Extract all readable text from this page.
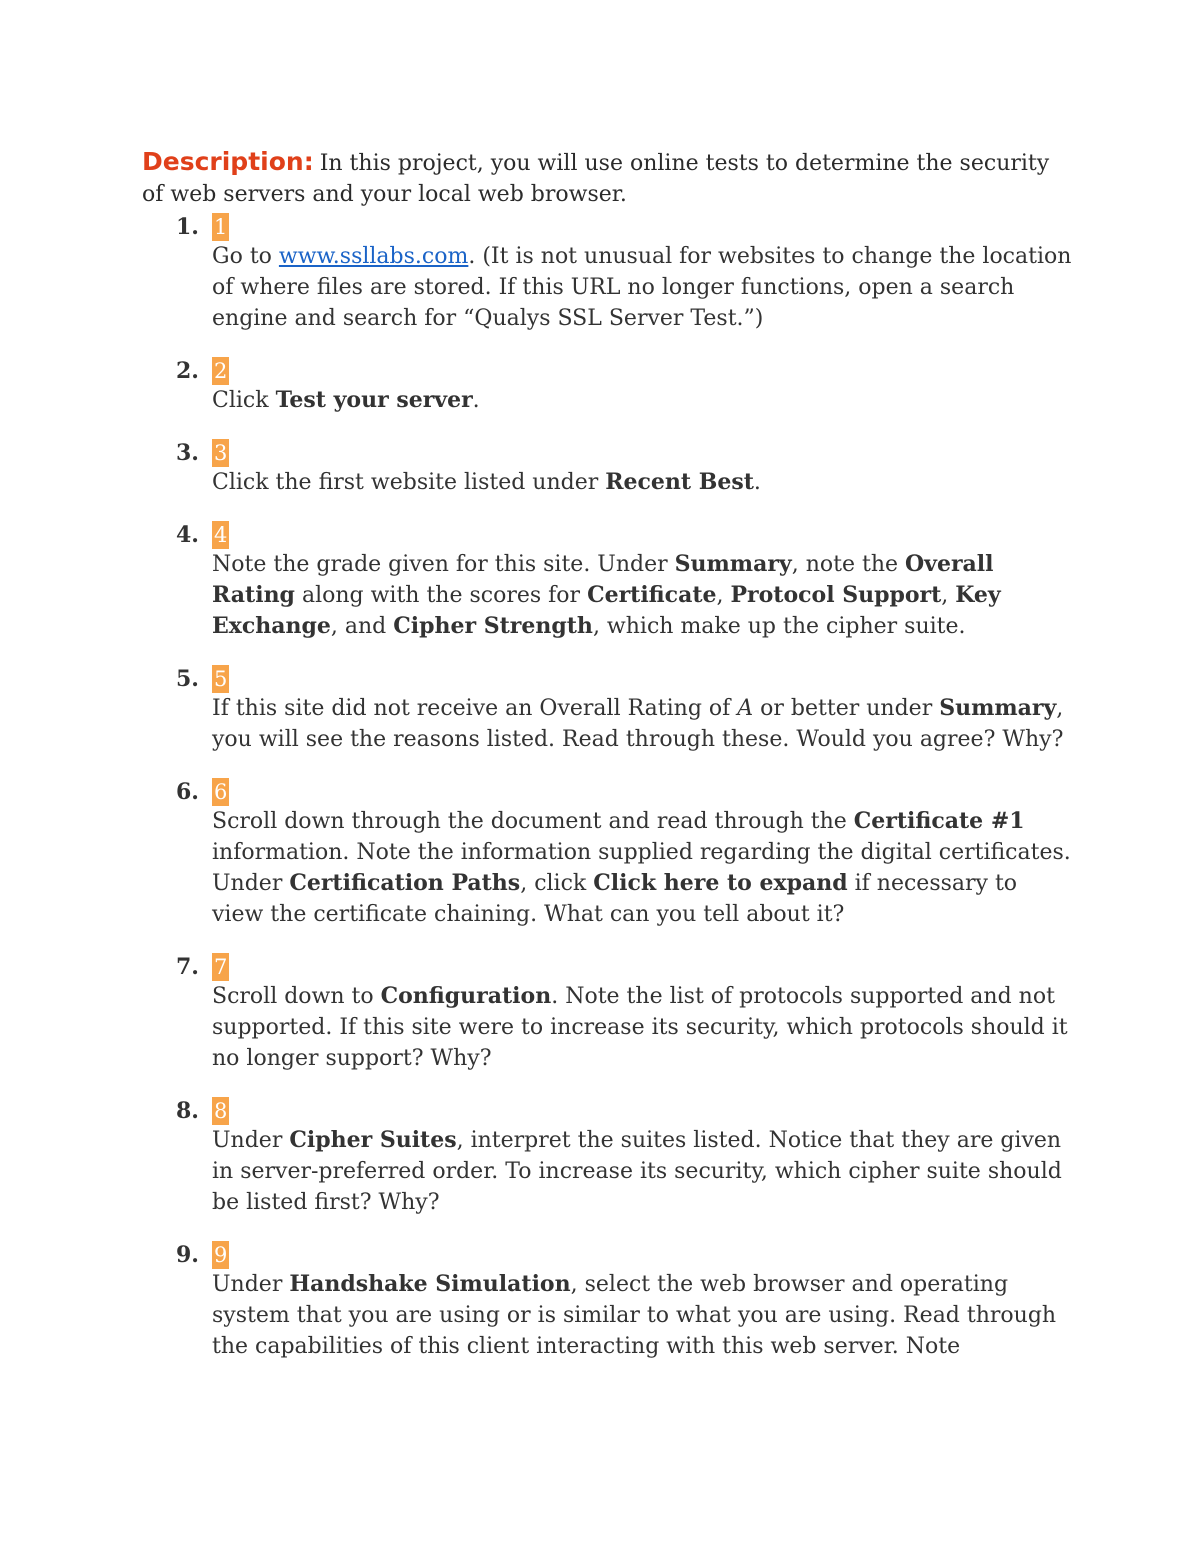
Description: In this project, you will use online tests to determine the security of web servers and your local web browser.

1. 1

Go to www.ssllabs.com. (It is not unusual for websites to change the location of where files are stored. If this URL no longer functions, open a search engine and search for “Qualys SSL Server Test.”)

2. 2

Click Test your server.

3. 3

Click the first website listed under Recent Best.

4. 4

Note the grade given for this site. Under Summary, note the Overall Rating along with the scores for Certificate, Protocol Support, Key Exchange, and Cipher Strength, which make up the cipher suite.

5. 5

If this site did not receive an Overall Rating of A or better under Summary, you will see the reasons listed. Read through these. Would you agree? Why?

6. 6

Scroll down through the document and read through the Certificate #1 information. Note the information supplied regarding the digital certificates. Under Certification Paths, click Click here to expand if necessary to view the certificate chaining. What can you tell about it?

7. 7

Scroll down to Configuration. Note the list of protocols supported and not supported. If this site were to increase its security, which protocols should it no longer support? Why?

8. 8

Under Cipher Suites, interpret the suites listed. Notice that they are given in server-preferred order. To increase its security, which cipher suite should be listed first? Why?

9. 9

Under Handshake Simulation, select the web browser and operating system that you are using or is similar to what you are using. Read through the capabilities of this client interacting with this web server. Note
